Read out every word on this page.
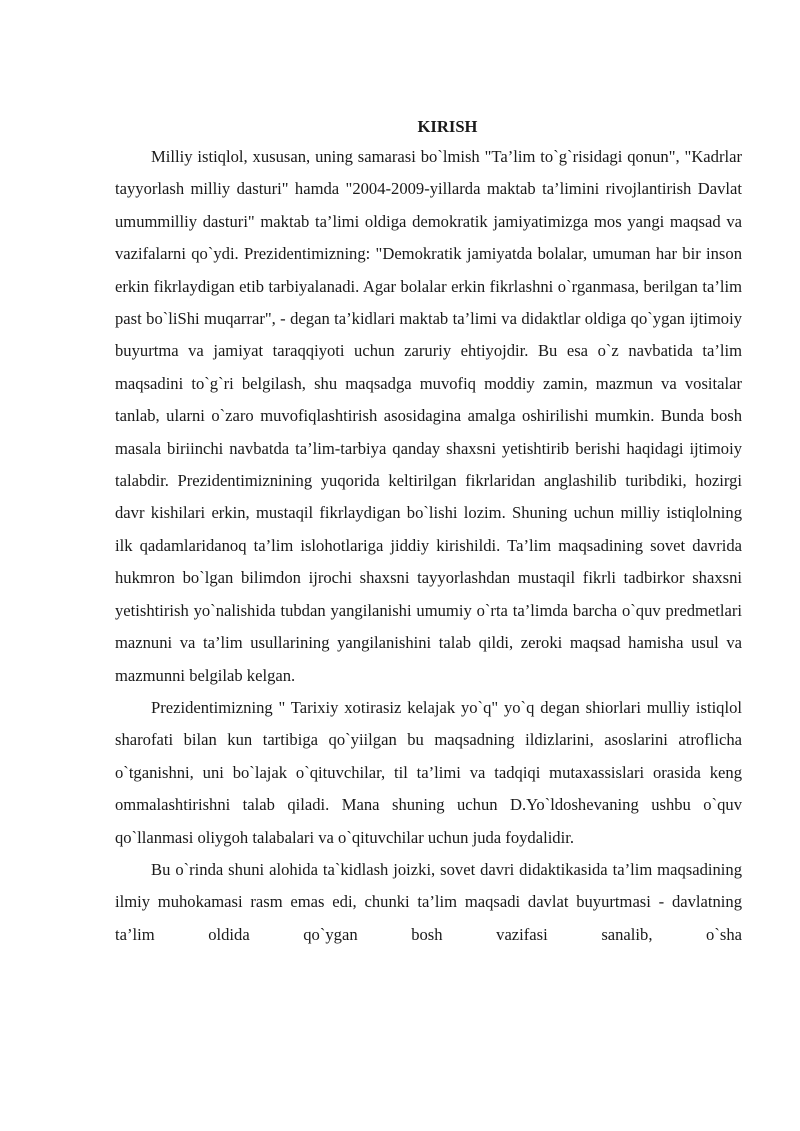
KIRISH

Milliy istiqlol, xususan, uning samarasi bo`lmish "Ta’lim to`g`risidagi qonun", "Kadrlar tayyorlash milliy dasturi" hamda "2004-2009-yillarda maktab ta’limini rivojlantirish Davlat umummilliy dasturi" maktab ta’limi oldiga demokratik jamiyatimizga mos yangi maqsad va vazifalarni qo`ydi. Prezidentimizning: "Demokratik jamiyatda bolalar, umuman har bir inson erkin fikrlaydigan etib tarbiyalanadi. Agar bolalar erkin fikrlashni o`rganmasa, berilgan ta’lim past bo`liShi muqarrar", - degan ta’kidlari maktab ta’limi va didaktlar oldiga qo`ygan ijtimoiy buyurtma va jamiyat taraqqiyoti uchun zaruriy ehtiyojdir. Bu esa o`z navbatida ta’lim maqsadini to`g`ri belgilash, shu maqsadga muvofiq moddiy zamin, mazmun va vositalar tanlab, ularni o`zaro muvofiqlashtirish asosidagina amalga oshirilishi mumkin. Bunda bosh masala biriinchi navbatda ta’lim-tarbiya qanday shaxsni yetishtirib berishi haqidagi ijtimoiy talabdir. Prezidentimiznining yuqorida keltirilgan fikrlaridan anglashilib turibdiki, hozirgi davr kishilari erkin, mustaqil fikrlaydigan bo`lishi lozim. Shuning uchun milliy istiqlolning ilk qadamlaridanoq ta’lim islohotlariga jiddiy kirishildi. Ta’lim maqsadining sovet davrida hukmron bo`lgan bilimdon ijrochi shaxsni tayyorlashdan mustaqil fikrli tadbirkor shaxsni yetishtirish yo`nalishida tubdan yangilanishi umumiy o`rta ta’limda barcha o`quv predmetlari maznuni va ta’lim usullarining yangilanishini talab qildi, zeroki maqsad hamisha usul va mazmunni belgilab kelgan.

Prezidentimizning " Tarixiy xotirasiz kelajak yo`q" yo`q degan shiorlari mulliy istiqlol sharofati bilan kun tartibiga qo`yiilgan bu maqsadning ildizlarini, asoslarini atroflicha o`tganishni, uni bo`lajak o`qituvchilar, til ta’limi va tadqiqi mutaxassislari orasida keng ommalashtirishni talab qiladi. Mana shuning uchun D.Yo`ldoshevaning ushbu o`quv qo`llanmasi oliygoh talabalari va o`qituvchilar uchun juda foydalidir.

Bu o`rinda shuni alohida ta`kidlash joizki, sovet davri didaktikasida ta’lim maqsadining ilmiy muhokamasi rasm emas edi, chunki ta’lim maqsadi davlat buyurtmasi - davlatning ta’lim oldida qo`ygan bosh vazifasi sanalib, o`sha
